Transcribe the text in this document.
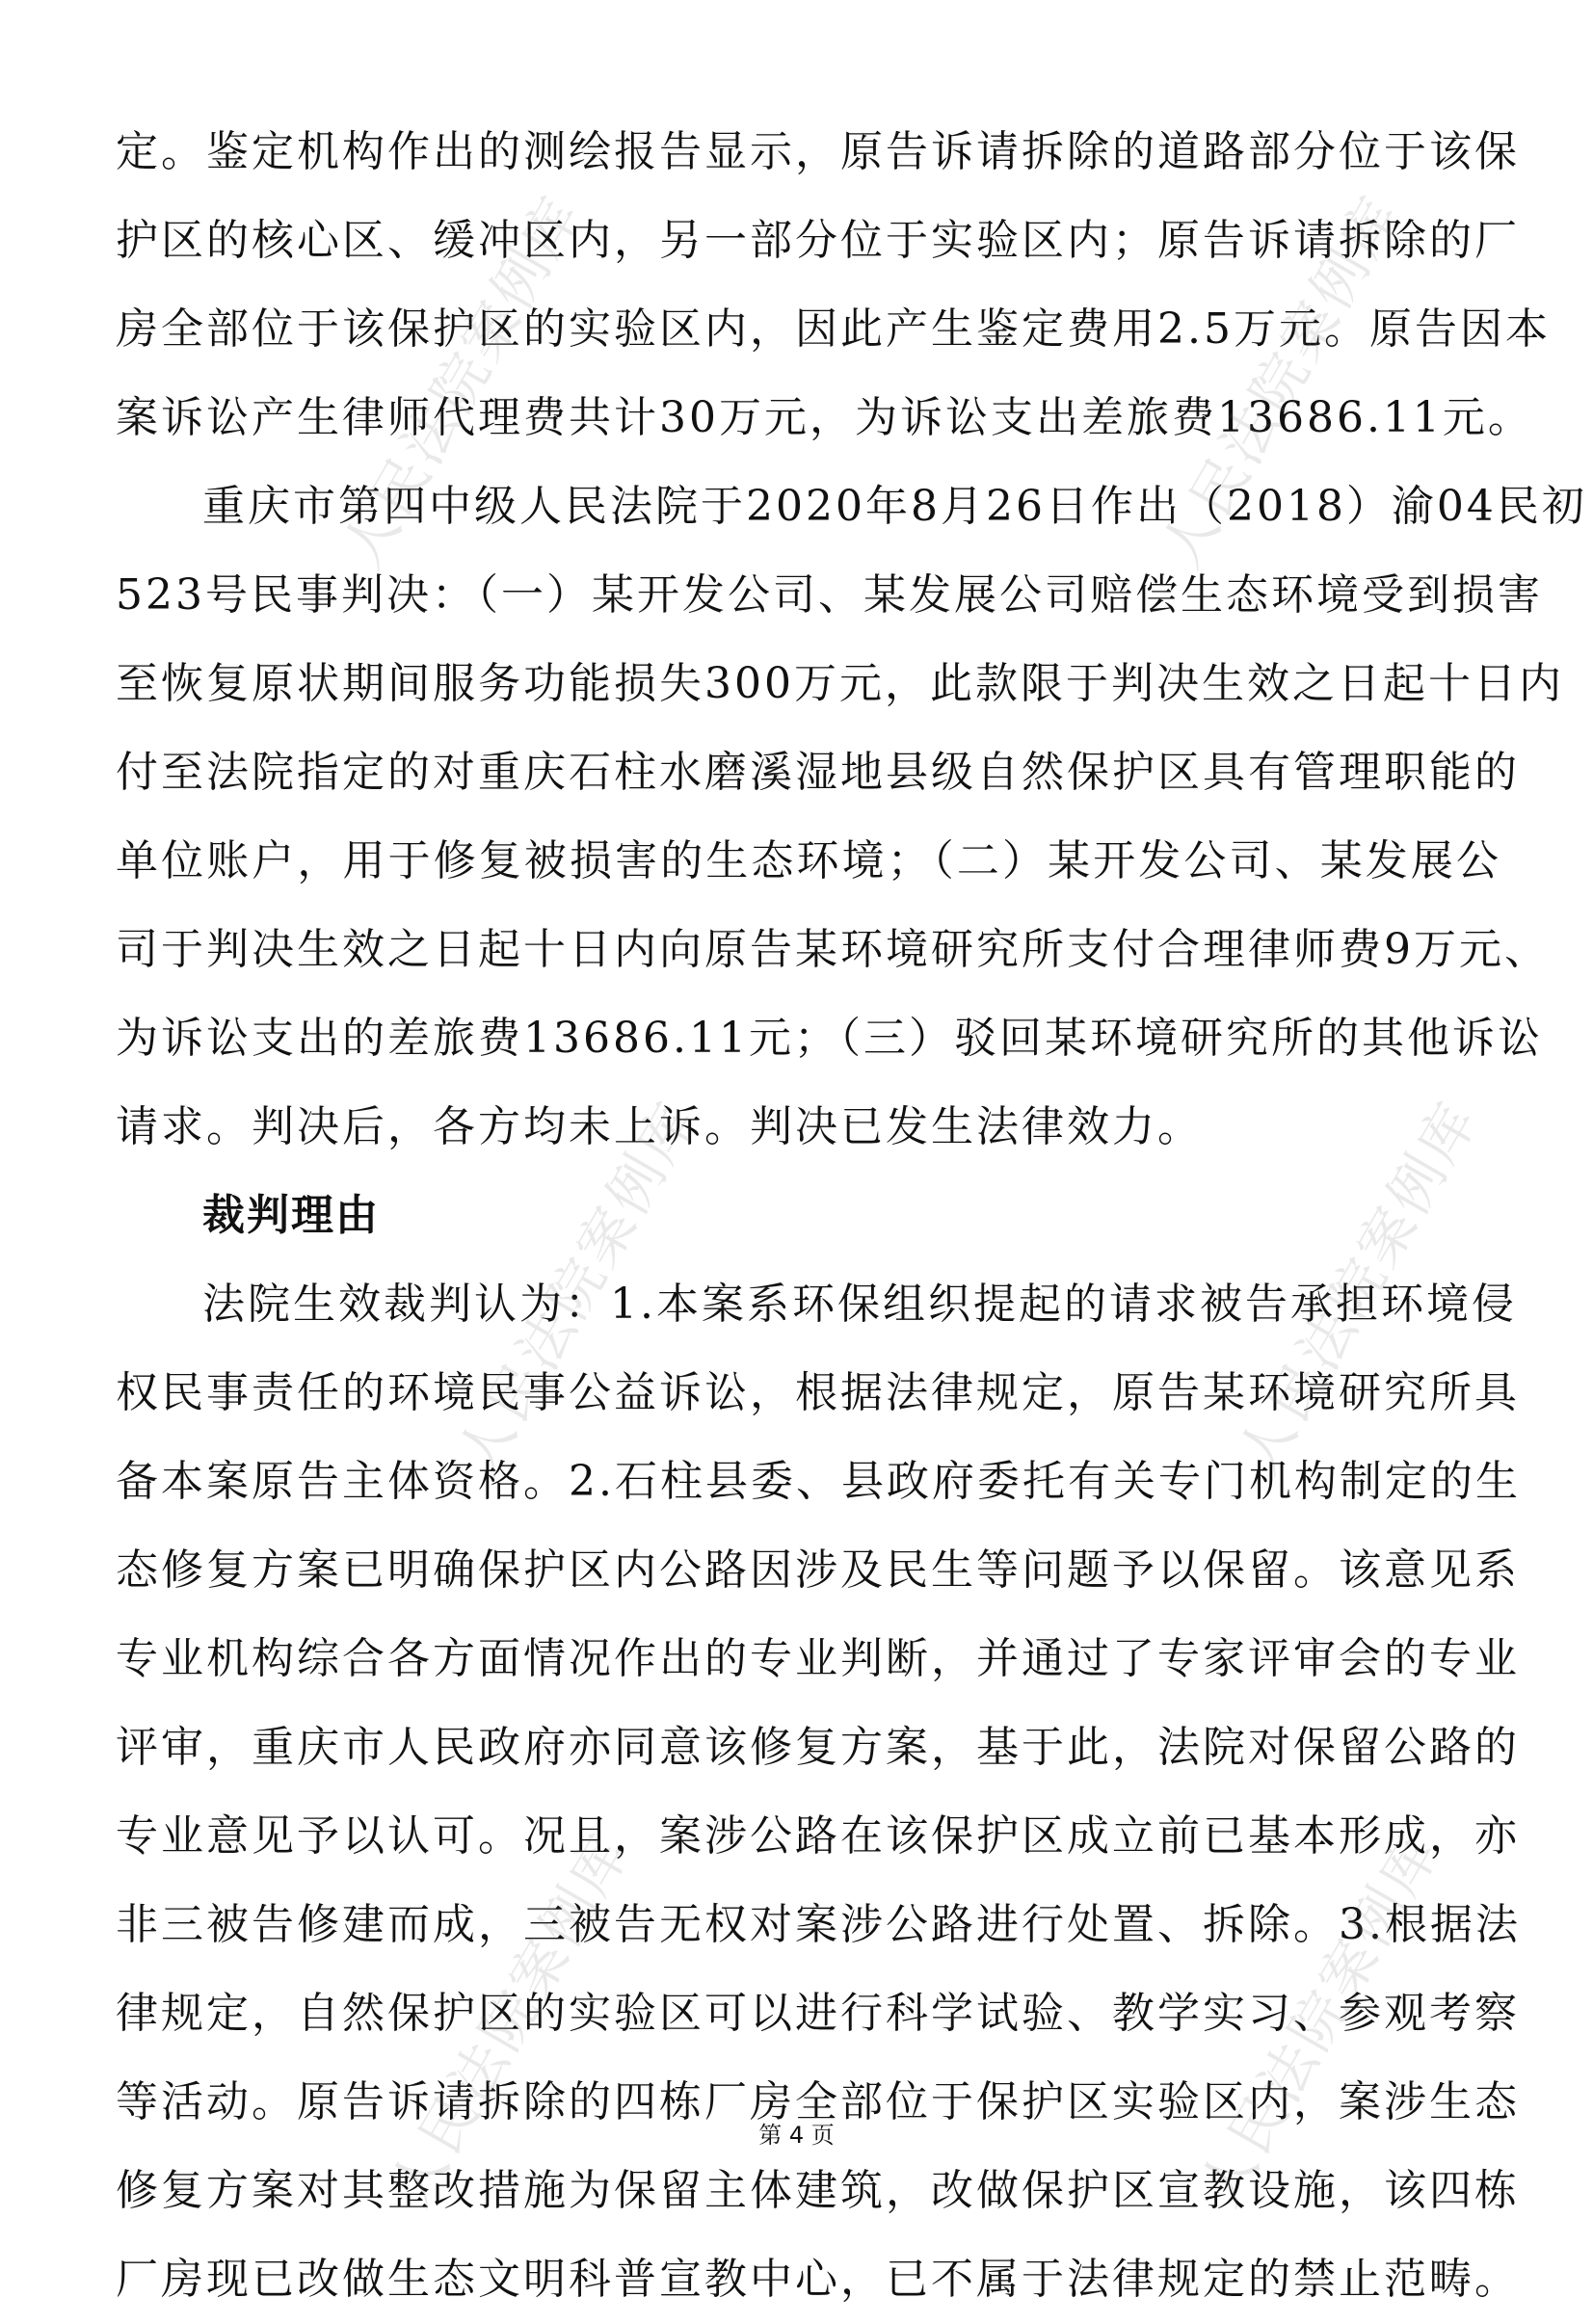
定。鉴定机构作出的测绘报告显示，原告诉请拆除的道路部分位于该保
护区的核心区、缓冲区内，另一部分位于实验区内；原告诉请拆除的厂
房全部位于该保护区的实验区内，因此产生鉴定费用2.5万元。原告因本
案诉讼产生律师代理费共计30万元，为诉讼支出差旅费13686.11元。
重庆市第四中级人民法院于2020年8月26日作出（2018）渝04民初
523号民事判决：（一）某开发公司、某发展公司赔偿生态环境受到损害
至恢复原状期间服务功能损失300万元，此款限于判决生效之日起十日内
付至法院指定的对重庆石柱水磨溪湿地县级自然保护区具有管理职能的
单位账户，用于修复被损害的生态环境；（二）某开发公司、某发展公
司于判决生效之日起十日内向原告某环境研究所支付合理律师费9万元、
为诉讼支出的差旅费13686.11元；（三）驳回某环境研究所的其他诉讼
请求。判决后，各方均未上诉。判决已发生法律效力。
裁判理由
法院生效裁判认为：1.本案系环保组织提起的请求被告承担环境侵
权民事责任的环境民事公益诉讼，根据法律规定，原告某环境研究所具
备本案原告主体资格。2.石柱县委、县政府委托有关专门机构制定的生
态修复方案已明确保护区内公路因涉及民生等问题予以保留。该意见系
专业机构综合各方面情况作出的专业判断，并通过了专家评审会的专业
评审，重庆市人民政府亦同意该修复方案，基于此，法院对保留公路的
专业意见予以认可。况且，案涉公路在该保护区成立前已基本形成，亦
非三被告修建而成，三被告无权对案涉公路进行处置、拆除。3.根据法
律规定，自然保护区的实验区可以进行科学试验、教学实习、参观考察
等活动。原告诉请拆除的四栋厂房全部位于保护区实验区内，案涉生态
修复方案对其整改措施为保留主体建筑，改做保护区宣教设施，该四栋
厂房现已改做生态文明科普宣教中心，已不属于法律规定的禁止范畴。
人民法院案例库	人民法院案例库
人民法院案例库	人民法院案例库
人民法院案例库	人民法院案例库
第 4 页
